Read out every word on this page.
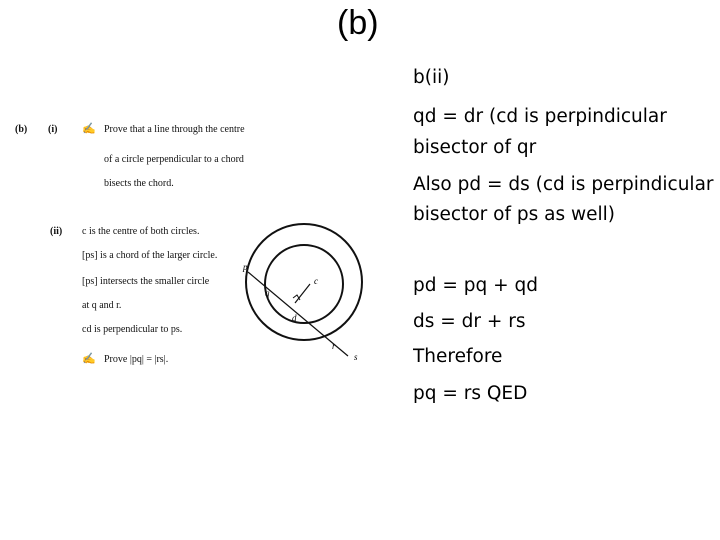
(b)
(b) (i) ✍ Prove that a line through the centre
of a circle perpendicular to a chord
bisects the chord.
(ii) c is the centre of both circles.
[ps] is a chord of the larger circle.
[ps] intersects the smaller circle
at q and r.
cd is perpendicular to ps.
✍ Prove |pq| = |rs|.
p
q
c
d
r
s
b(ii)
qd = dr (cd is perpindicular
bisector of qr
Also pd = ds (cd is perpindicular
bisector of ps as well)
pd = pq + qd
ds = dr + rs
Therefore
pq = rs QED
